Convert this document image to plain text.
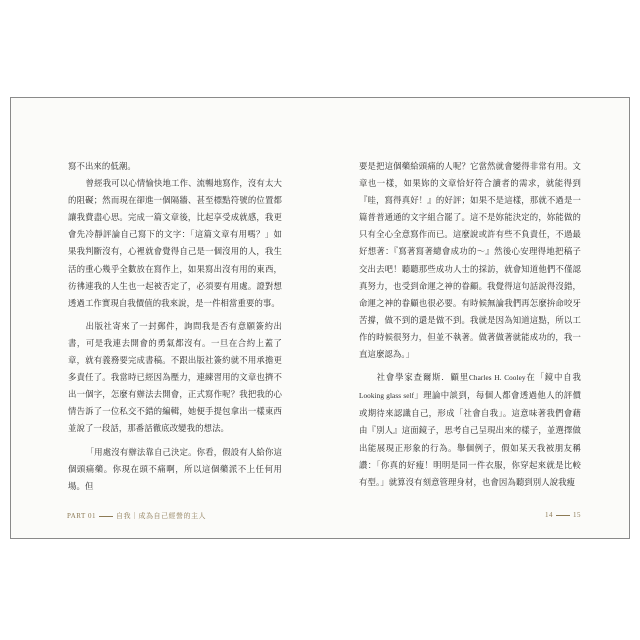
寫不出來的低潮。

曾經我可以心情愉快地工作、流暢地寫作，沒有太大的阻礙；然而現在卻進一個隔牆、甚至標點符號的位置都讓我費盡心思。完成一篇文章後，比起享受成就感，我更會先冷靜評論自己寫下的文字：「這篇文章有用嗎？」如果我判斷沒有，心裡就會覺得自己是一個沒用的人，我生活的重心幾乎全數放在寫作上，如果寫出沒有用的東西，彷彿連我的人生也一起被否定了，必須要有用處。證對想透過工作實現自我價值的我來說，是一件相當重要的事。

出版社寄來了一封郵件，詢問我是否有意願簽約出書，可是我連去開會的勇氣都沒有。一旦在合約上蓋了章，就有義務要完成書稿。不跟出版社簽約就不用承擔更多責任了。我當時已經因為壓力，連練習用的文章也擠不出一個字，怎麼有辦法去開會，正式寫作呢？我把我的心情告訴了一位私交不錯的編輯，她便手提包拿出一樣東西並說了一段話，那番話徹底改變我的想法。

「用處沒有辦法靠自己決定。你看，假設有人給你這個頭痛藥。你現在頭不痛啊，所以這個藥派不上任何用場。但

PART 01	自我｜成為自己經營的主人

要是把這個藥給頭痛的人呢？它當然就會變得非常有用。文章也一樣，如果妳的文章恰好符合讀者的需求，就能得到『哇，寫得真好！』的好評；如果不是這樣，那就不過是一篇普普通通的文字組合罷了。這不是妳能決定的，妳能做的只有全心全意寫作而已。這麼說或許有些不負責任，不過最好想著：『寫著寫著總會成功的～』然後心安理得地把稿子交出去吧！聽聽那些成功人士的採訪，就會知道他們不僅認真努力，也受到命運之神的眷顧。我覺得這句話說得沒錯，命運之神的眷顧也很必要。有時候無論我們再怎麼拚命咬牙苦撐，做不到的還是做不到。我就是因為知道這點，所以工作的時候很努力，但並不執著。做著做著就能成功的，我一直這麼認為。」

社會學家查爾斯．顧里Charles H. Cooley在「鏡中自我 Looking glass self」理論中談到，每個人都會透過他人的評價或期待來認識自己，形成「社會自我」。這意味著我們會藉由『別人』這面鏡子，思考自己呈現出來的樣子，並選擇做出能展現正形象的行為。舉個例子，假如某天我被朋友稱讚：「你真的好瘦！明明是同一件衣服，你穿起來就是比較有型。」就算沒有刻意管理身材，也會因為聽到別人說我瘦

14	15
